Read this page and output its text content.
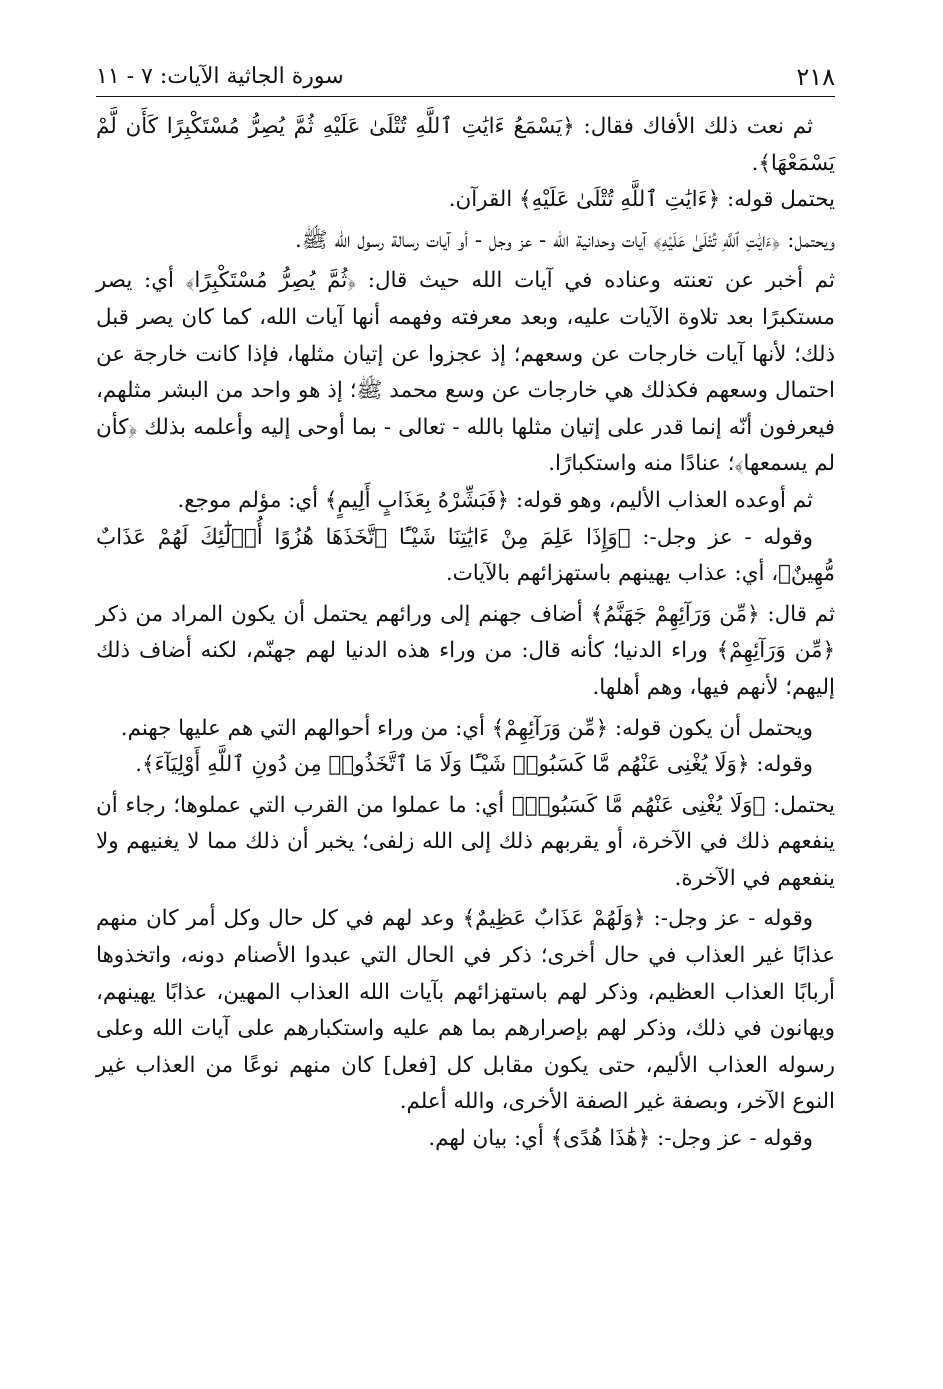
٢١٨
سورة الجاثية الآيات: ٧ - ١١

ثم نعت ذلك الأفاك فقال: ﴿يَسْمَعُ ءَايَٰتِ ٱللَّهِ تُتْلَىٰ عَلَيْهِ ثُمَّ يُصِرُّ مُسْتَكْبِرًا كَأَن لَّمْ يَسْمَعْهَا﴾.

يحتمل قوله: ﴿ءَايَٰتِ ٱللَّهِ تُتْلَىٰ عَلَيْهِ﴾ القرآن.

ويحتمل: ﴿ءَايَٰتِ ٱللَّهِ تُتْلَىٰ عَلَيْهِ﴾ آيات وحدانية الله - عز وجل - أو آيات رسالة رسول الله ﷺ.

ثم أخبر عن تعنته وعناده في آيات الله حيث قال: ﴿ثُمَّ يُصِرُّ مُسْتَكْبِرًا﴾ أي: يصر مستكبرًا بعد تلاوة الآيات عليه، وبعد معرفته وفهمه أنها آيات الله، كما كان يصر قبل ذلك؛ لأنها آيات خارجات عن وسعهم؛ إذ عجزوا عن إتيان مثلها، فإذا كانت خارجة عن احتمال وسعهم فكذلك هي خارجات عن وسع محمد ﷺ؛ إذ هو واحد من البشر مثلهم، فيعرفون أنّه إنما قدر على إتيان مثلها بالله - تعالى - بما أوحى إليه وأعلمه بذلك ﴿كأن لم يسمعها﴾؛ عنادًا منه واستكبارًا.

ثم أوعده العذاب الأليم، وهو قوله: ﴿فَبَشِّرْهُ بِعَذَابٍ أَلِيمٍ﴾ أي: مؤلم موجع.

وقوله - عز وجل-: ﴿وَإِذَا عَلِمَ مِنْ ءَايَٰتِنَا شَيْـًٔا ٱتَّخَذَهَا هُزُوًا أُو۟لَٰٓئِكَ لَهُمْ عَذَابٌ مُّهِينٌ﴾، أي: عذاب يهينهم باستهزائهم بالآيات.

ثم قال: ﴿مِّن وَرَآئِهِمْ جَهَنَّمُ﴾ أضاف جهنم إلى ورائهم يحتمل أن يكون المراد من ذكر ﴿مِّن وَرَآئِهِمْ﴾ وراء الدنيا؛ كأنه قال: من وراء هذه الدنيا لهم جهنّم، لكنه أضاف ذلك إليهم؛ لأنهم فيها، وهم أهلها.

ويحتمل أن يكون قوله: ﴿مِّن وَرَآئِهِمْ﴾ أي: من وراء أحوالهم التي هم عليها جهنم.

وقوله: ﴿وَلَا يُغْنِى عَنْهُم مَّا كَسَبُوا۟ شَيْـًٔا وَلَا مَا ٱتَّخَذُوا۟ مِن دُونِ ٱللَّهِ أَوْلِيَآءَ﴾.

يحتمل: ﴿وَلَا يُغْنِى عَنْهُم مَّا كَسَبُوا۟﴾ أي: ما عملوا من القرب التي عملوها؛ رجاء أن ينفعهم ذلك في الآخرة، أو يقربهم ذلك إلى الله زلفى؛ يخبر أن ذلك مما لا يغنيهم ولا ينفعهم في الآخرة.

وقوله - عز وجل-: ﴿وَلَهُمْ عَذَابٌ عَظِيمٌ﴾ وعد لهم في كل حال وكل أمر كان منهم عذابًا غير العذاب في حال أخرى؛ ذكر في الحال التي عبدوا الأصنام دونه، واتخذوها أربابًا العذاب العظيم، وذكر لهم باستهزائهم بآيات الله العذاب المهين، عذابًا يهينهم، ويهانون في ذلك، وذكر لهم بإصرارهم بما هم عليه واستكبارهم على آيات الله وعلى رسوله العذاب الأليم، حتى يكون مقابل كل [فعل] كان منهم نوعًا من العذاب غير النوع الآخر، وبصفة غير الصفة الأخرى، والله أعلم.

وقوله - عز وجل-: ﴿هَٰذَا هُدًى﴾ أي: بيان لهم.
